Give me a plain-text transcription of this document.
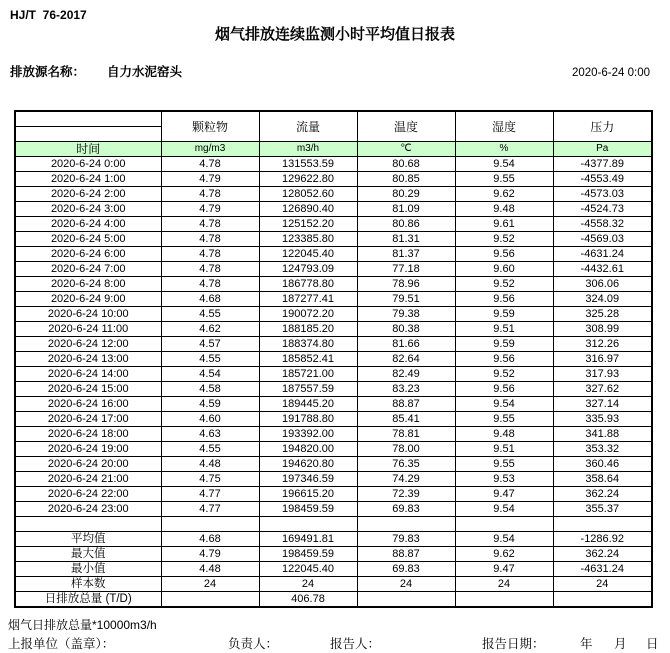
HJ/T  76-2017
烟气排放连续监测小时平均值日报表
排放源名称： 自力水泥窑头	2020-6-24 0:00
	颗粒物	流量	温度	湿度	压力

时间	mg/m3	m3/h	℃	%	Pa
2020-6-24 0:00	4.78	131553.59	80.68	9.54	-4377.89
2020-6-24 1:00	4.79	129622.80	80.85	9.55	-4553.49
2020-6-24 2:00	4.78	128052.60	80.29	9.62	-4573.03
2020-6-24 3:00	4.79	126890.40	81.09	9.48	-4524.73
2020-6-24 4:00	4.78	125152.20	80.86	9.61	-4558.32
2020-6-24 5:00	4.78	123385.80	81.31	9.52	-4569.03
2020-6-24 6:00	4.78	122045.40	81.37	9.56	-4631.24
2020-6-24 7:00	4.78	124793.09	77.18	9.60	-4432.61
2020-6-24 8:00	4.78	186778.80	78.96	9.52	306.06
2020-6-24 9:00	4.68	187277.41	79.51	9.56	324.09
2020-6-24 10:00	4.55	190072.20	79.38	9.59	325.28
2020-6-24 11:00	4.62	188185.20	80.38	9.51	308.99
2020-6-24 12:00	4.57	188374.80	81.66	9.59	312.26
2020-6-24 13:00	4.55	185852.41	82.64	9.56	316.97
2020-6-24 14:00	4.54	185721.00	82.49	9.52	317.93
2020-6-24 15:00	4.58	187557.59	83.23	9.56	327.62
2020-6-24 16:00	4.59	189445.20	88.87	9.54	327.14
2020-6-24 17:00	4.60	191788.80	85.41	9.55	335.93
2020-6-24 18:00	4.63	193392.00	78.81	9.48	341.88
2020-6-24 19:00	4.55	194820.00	78.00	9.51	353.32
2020-6-24 20:00	4.48	194620.80	76.35	9.55	360.46
2020-6-24 21:00	4.75	197346.59	74.29	9.53	358.64
2020-6-24 22:00	4.77	196615.20	72.39	9.47	362.24
2020-6-24 23:00	4.77	198459.59	69.83	9.54	355.37

平均值	4.68	169491.81	79.83	9.54	-1286.92
最大值	4.79	198459.59	88.87	9.62	362.24
最小值	4.48	122045.40	69.83	9.47	-4631.24
样本数	24	24	24	24	24
日排放总量 (T/D)		406.78			
烟气日排放总量*10000m3/h
上报单位（盖章）：	负责人：	报告人：	报告日期：	年 月 日
